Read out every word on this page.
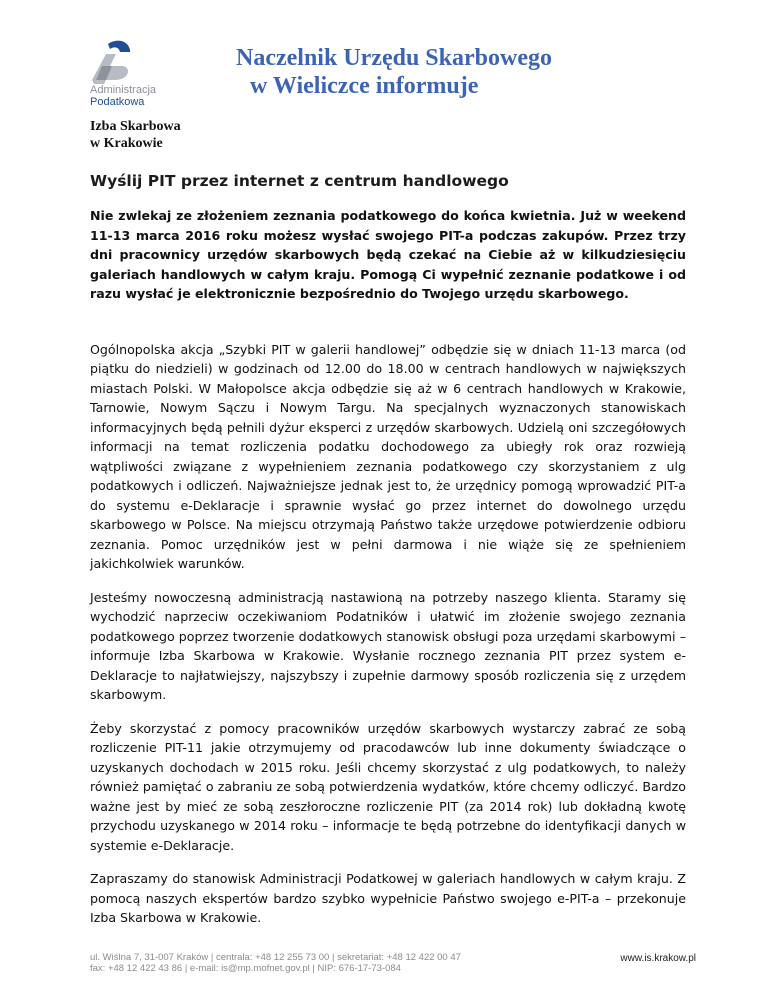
Administracja
Podatkowa
Naczelnik Urzędu Skarbowego
w Wieliczce informuje
Izba Skarbowa
w Krakowie
Wyślij PIT przez internet z centrum handlowego

Nie zwlekaj ze złożeniem zeznania podatkowego do końca kwietnia. Już w weekend 11-13 marca 2016 roku możesz wysłać swojego PIT-a podczas zakupów. Przez trzy dni pracownicy urzędów skarbowych będą czekać na Ciebie aż w kilkudziesięciu galeriach handlowych w całym kraju. Pomogą Ci wypełnić zeznanie podatkowe i od razu wysłać je elektronicznie bezpośrednio do Twojego urzędu skarbowego.

Ogólnopolska akcja „Szybki PIT w galerii handlowej” odbędzie się w dniach 11-13 marca (od piątku do niedzieli) w godzinach od 12.00 do 18.00 w centrach handlowych w największych miastach Polski. W Małopolsce akcja odbędzie się aż w 6 centrach handlowych w Krakowie, Tarnowie, Nowym Sączu i Nowym Targu. Na specjalnych wyznaczonych stanowiskach informacyjnych będą pełnili dyżur eksperci z urzędów skarbowych. Udzielą oni szczegółowych informacji na temat rozliczenia podatku dochodowego za ubiegły rok oraz rozwieją wątpliwości związane z wypełnieniem zeznania podatkowego czy skorzystaniem z ulg podatkowych i odliczeń. Najważniejsze jednak jest to, że urzędnicy pomogą wprowadzić PIT-a do systemu e-Deklaracje i sprawnie wysłać go przez internet do dowolnego urzędu skarbowego w Polsce. Na miejscu otrzymają Państwo także urzędowe potwierdzenie odbioru zeznania. Pomoc urzędników jest w pełni darmowa i nie wiąże się ze spełnieniem jakichkolwiek warunków.

Jesteśmy nowoczesną administracją nastawioną na potrzeby naszego klienta. Staramy się wychodzić naprzeciw oczekiwaniom Podatników i ułatwić im złożenie swojego zeznania podatkowego poprzez tworzenie dodatkowych stanowisk obsługi poza urzędami skarbowymi – informuje Izba Skarbowa w Krakowie. Wysłanie rocznego zeznania PIT przez system e-Deklaracje to najłatwiejszy, najszybszy i zupełnie darmowy sposób rozliczenia się z urzędem skarbowym.

Żeby skorzystać z pomocy pracowników urzędów skarbowych wystarczy zabrać ze sobą rozliczenie PIT-11 jakie otrzymujemy od pracodawców lub inne dokumenty świadczące o uzyskanych dochodach w 2015 roku. Jeśli chcemy skorzystać z ulg podatkowych, to należy również pamiętać o zabraniu ze sobą potwierdzenia wydatków, które chcemy odliczyć. Bardzo ważne jest by mieć ze sobą zeszłoroczne rozliczenie PIT (za 2014 rok) lub dokładną kwotę przychodu uzyskanego w 2014 roku – informacje te będą potrzebne do identyfikacji danych w systemie e-Deklaracje.

Zapraszamy do stanowisk Administracji Podatkowej w galeriach handlowych w całym kraju. Z pomocą naszych ekspertów bardzo szybko wypełnicie Państwo swojego e-PIT-a – przekonuje Izba Skarbowa w Krakowie.

ul. Wiślna 7, 31-007 Kraków | centrala: +48 12 255 73 00 | sekretariat: +48 12 422 00 47
fax: +48 12 422 43 86 | e-mail: is@mp.mofnet.gov.pl | NIP: 676-17-73-084
www.is.krakow.pl
